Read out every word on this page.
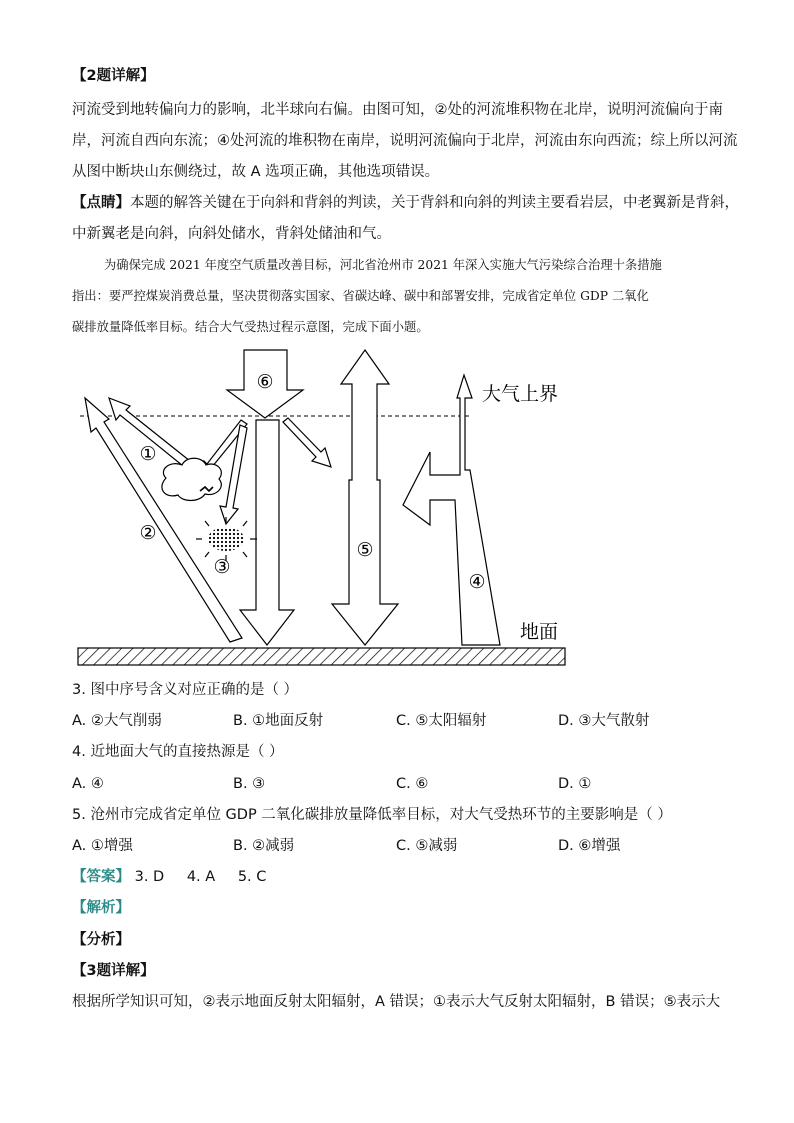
【2题详解】
河流受到地转偏向力的影响，北半球向右偏。由图可知，②处的河流堆积物在北岸，说明河流偏向于南
岸，河流自西向东流；④处河流的堆积物在南岸，说明河流偏向于北岸，河流由东向西流；综上所以河流
从图中断块山东侧绕过，故 A 选项正确，其他选项错误。
【点睛】本题的解答关键在于向斜和背斜的判读，关于背斜和向斜的判读主要看岩层，中老翼新是背斜，
中新翼老是向斜，向斜处储水，背斜处储油和气。
为确保完成 2021 年度空气质量改善目标，河北省沧州市 2021 年深入实施大气污染综合治理十条措施
指出：要严控煤炭消费总量，坚决贯彻落实国家、省碳达峰、碳中和部署安排，完成省定单位 GDP 二氧化
碳排放量降低率目标。结合大气受热过程示意图，完成下面小题。
①
②
③
④
⑤
⑥
大气上界
地面
3. 图中序号含义对应正确的是（ ）
A. ②大气削弱	B. ①地面反射	C. ⑤太阳辐射	D. ③大气散射
4. 近地面大气的直接热源是（ ）
A. ④	B. ③	C. ⑥	D. ①
5. 沧州市完成省定单位 GDP 二氧化碳排放量降低率目标，对大气受热环节的主要影响是（ ）
A. ①增强	B. ②减弱	C. ⑤减弱	D. ⑥增强
【答案】 3. D 4. A 5. C
【解析】
【分析】
【3题详解】
根据所学知识可知，②表示地面反射太阳辐射，A 错误；①表示大气反射太阳辐射，B 错误；⑤表示大
